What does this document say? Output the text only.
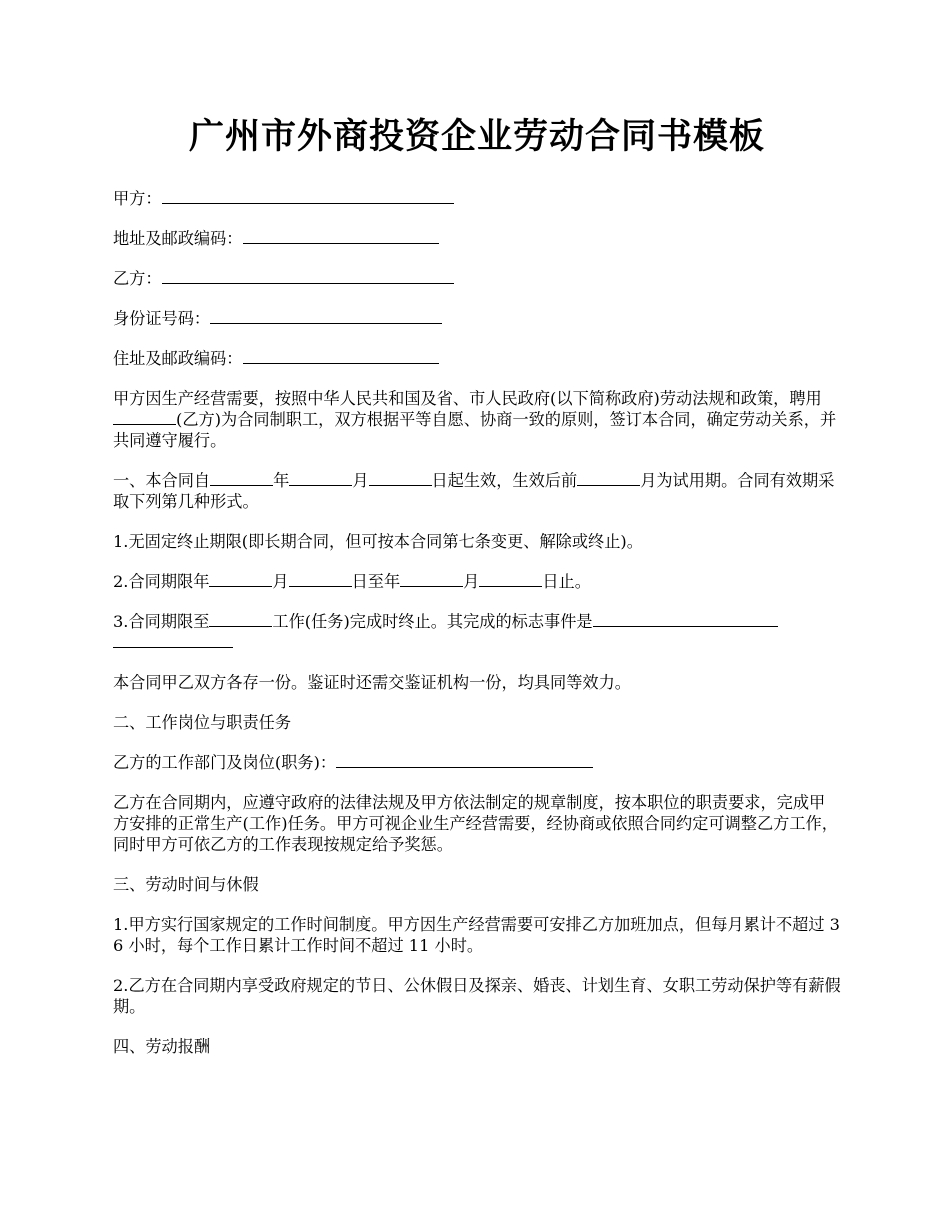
广州市外商投资企业劳动合同书模板
甲方：
地址及邮政编码：
乙方：
身份证号码：
住址及邮政编码：

甲方因生产经营需要，按照中华人民共和国及省、市人民政府(以下简称政府)劳动法规和政策，聘用(乙方)为合同制职工，双方根据平等自愿、协商一致的原则，签订本合同，确定劳动关系，并共同遵守履行。

一、本合同自	年	月	日起生效，生效后前	月为试用期。合同有效期采取下列第几种形式。

1.无固定终止期限(即长期合同，但可按本合同第七条变更、解除或终止)。

2.合同期限年	月	日至年	月	日止。

3.合同期限至	工作(任务)完成时终止。其完成的标志事件是

本合同甲乙双方各存一份。鉴证时还需交鉴证机构一份，均具同等效力。

二、工作岗位与职责任务

乙方的工作部门及岗位(职务)：

乙方在合同期内，应遵守政府的法律法规及甲方依法制定的规章制度，按本职位的职责要求，完成甲方安排的正常生产(工作)任务。甲方可视企业生产经营需要，经协商或依照合同约定可调整乙方工作，同时甲方可依乙方的工作表现按规定给予奖惩。

三、劳动时间与休假

1.甲方实行国家规定的工作时间制度。甲方因生产经营需要可安排乙方加班加点，但每月累计不超过 36 小时，每个工作日累计工作时间不超过 11 小时。

2.乙方在合同期内享受政府规定的节日、公休假日及探亲、婚丧、计划生育、女职工劳动保护等有薪假期。

四、劳动报酬
